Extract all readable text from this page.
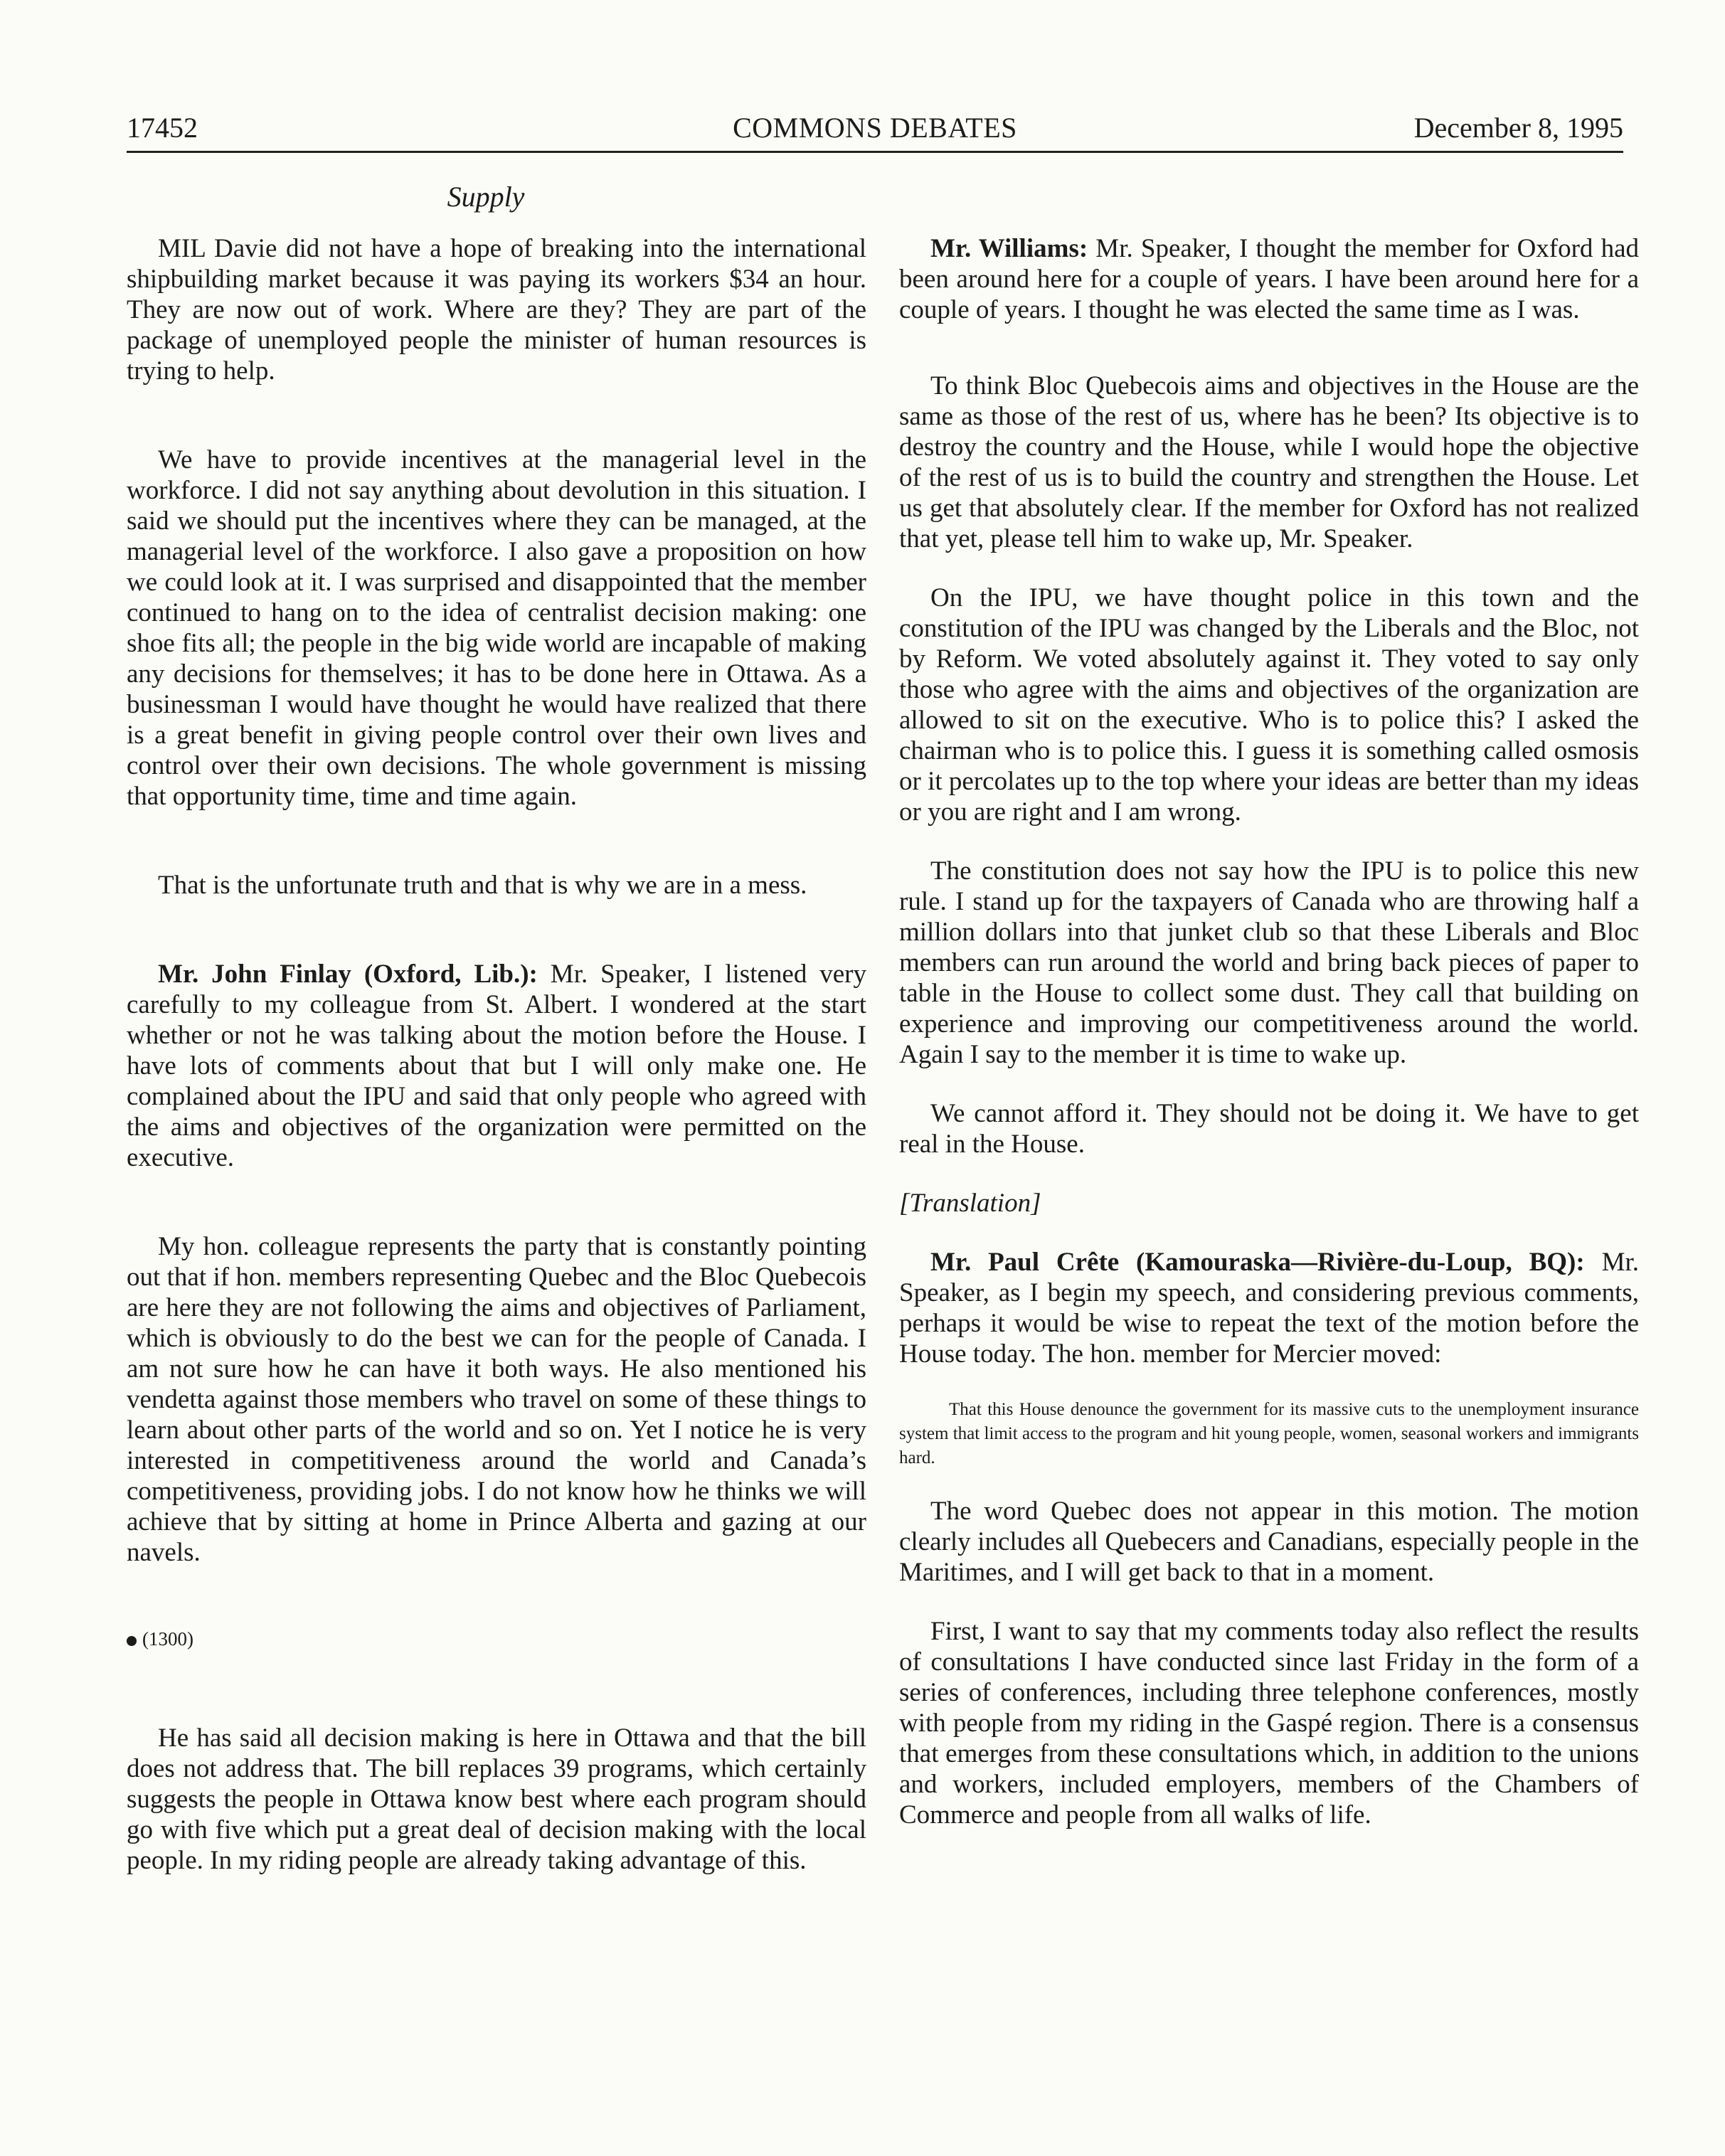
17452	COMMONS DEBATES	December 8, 1995
Supply

MIL Davie did not have a hope of breaking into the international shipbuilding market because it was paying its workers $34 an hour. They are now out of work. Where are they? They are part of the package of unemployed people the minister of human resources is trying to help.

We have to provide incentives at the managerial level in the workforce. I did not say anything about devolution in this situation. I said we should put the incentives where they can be managed, at the managerial level of the workforce. I also gave a proposition on how we could look at it. I was surprised and disappointed that the member continued to hang on to the idea of centralist decision making: one shoe fits all; the people in the big wide world are incapable of making any decisions for themselves; it has to be done here in Ottawa. As a businessman I would have thought he would have realized that there is a great benefit in giving people control over their own lives and control over their own decisions. The whole government is missing that opportunity time, time and time again.

That is the unfortunate truth and that is why we are in a mess.

Mr. John Finlay (Oxford, Lib.): Mr. Speaker, I listened very carefully to my colleague from St. Albert. I wondered at the start whether or not he was talking about the motion before the House. I have lots of comments about that but I will only make one. He complained about the IPU and said that only people who agreed with the aims and objectives of the organization were permitted on the executive.

My hon. colleague represents the party that is constantly pointing out that if hon. members representing Quebec and the Bloc Quebecois are here they are not following the aims and objectives of Parliament, which is obviously to do the best we can for the people of Canada. I am not sure how he can have it both ways. He also mentioned his vendetta against those members who travel on some of these things to learn about other parts of the world and so on. Yet I notice he is very interested in competitiveness around the world and Canada’s competitiveness, providing jobs. I do not know how he thinks we will achieve that by sitting at home in Prince Alberta and gazing at our navels.

(1300)

He has said all decision making is here in Ottawa and that the bill does not address that. The bill replaces 39 programs, which certainly suggests the people in Ottawa know best where each program should go with five which put a great deal of decision making with the local people. In my riding people are already taking advantage of this.

Mr. Williams: Mr. Speaker, I thought the member for Oxford had been around here for a couple of years. I have been around here for a couple of years. I thought he was elected the same time as I was.

To think Bloc Quebecois aims and objectives in the House are the same as those of the rest of us, where has he been? Its objective is to destroy the country and the House, while I would hope the objective of the rest of us is to build the country and strengthen the House. Let us get that absolutely clear. If the member for Oxford has not realized that yet, please tell him to wake up, Mr. Speaker.

On the IPU, we have thought police in this town and the constitution of the IPU was changed by the Liberals and the Bloc, not by Reform. We voted absolutely against it. They voted to say only those who agree with the aims and objectives of the organization are allowed to sit on the executive. Who is to police this? I asked the chairman who is to police this. I guess it is something called osmosis or it percolates up to the top where your ideas are better than my ideas or you are right and I am wrong.

The constitution does not say how the IPU is to police this new rule. I stand up for the taxpayers of Canada who are throwing half a million dollars into that junket club so that these Liberals and Bloc members can run around the world and bring back pieces of paper to table in the House to collect some dust. They call that building on experience and improving our competitiveness around the world. Again I say to the member it is time to wake up.

We cannot afford it. They should not be doing it. We have to get real in the House.

[Translation]

Mr. Paul Crête (Kamouraska—Rivière-du-Loup, BQ): Mr. Speaker, as I begin my speech, and considering previous comments, perhaps it would be wise to repeat the text of the motion before the House today. The hon. member for Mercier moved:

That this House denounce the government for its massive cuts to the unemployment insurance system that limit access to the program and hit young people, women, seasonal workers and immigrants hard.

The word Quebec does not appear in this motion. The motion clearly includes all Quebecers and Canadians, especially people in the Maritimes, and I will get back to that in a moment.

First, I want to say that my comments today also reflect the results of consultations I have conducted since last Friday in the form of a series of conferences, including three telephone conferences, mostly with people from my riding in the Gaspé region. There is a consensus that emerges from these consultations which, in addition to the unions and workers, included employers, members of the Chambers of Commerce and people from all walks of life.
